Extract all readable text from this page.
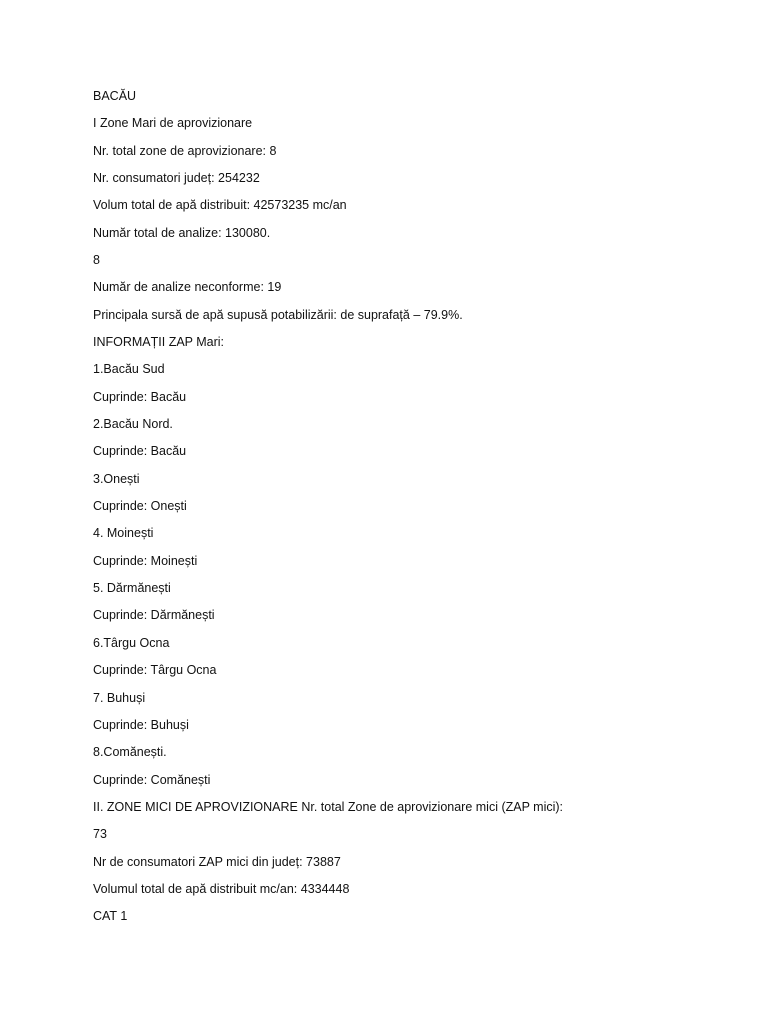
BACĂU
I Zone Mari de aprovizionare
Nr. total zone de aprovizionare: 8
Nr. consumatori județ: 254232
Volum total de apă distribuit: 42573235 mc/an
Număr total de analize: 130080.
8
Număr de analize neconforme: 19
Principala sursă de apă supusă potabilizării: de suprafață – 79.9%.
INFORMAȚII ZAP Mari:
1.Bacău Sud
Cuprinde: Bacău
2.Bacău Nord.
Cuprinde: Bacău
3.Onești
Cuprinde: Onești
4. Moinești
Cuprinde: Moinești
5. Dărmănești
Cuprinde: Dărmănești
6.Târgu Ocna
Cuprinde: Târgu Ocna
7. Buhuși
Cuprinde: Buhuși
8.Comănești.
Cuprinde: Comănești
II. ZONE MICI DE APROVIZIONARE Nr. total Zone de aprovizionare mici (ZAP mici):
73
Nr de consumatori ZAP mici din județ: 73887
Volumul total de apă distribuit mc/an: 4334448
CAT 1
